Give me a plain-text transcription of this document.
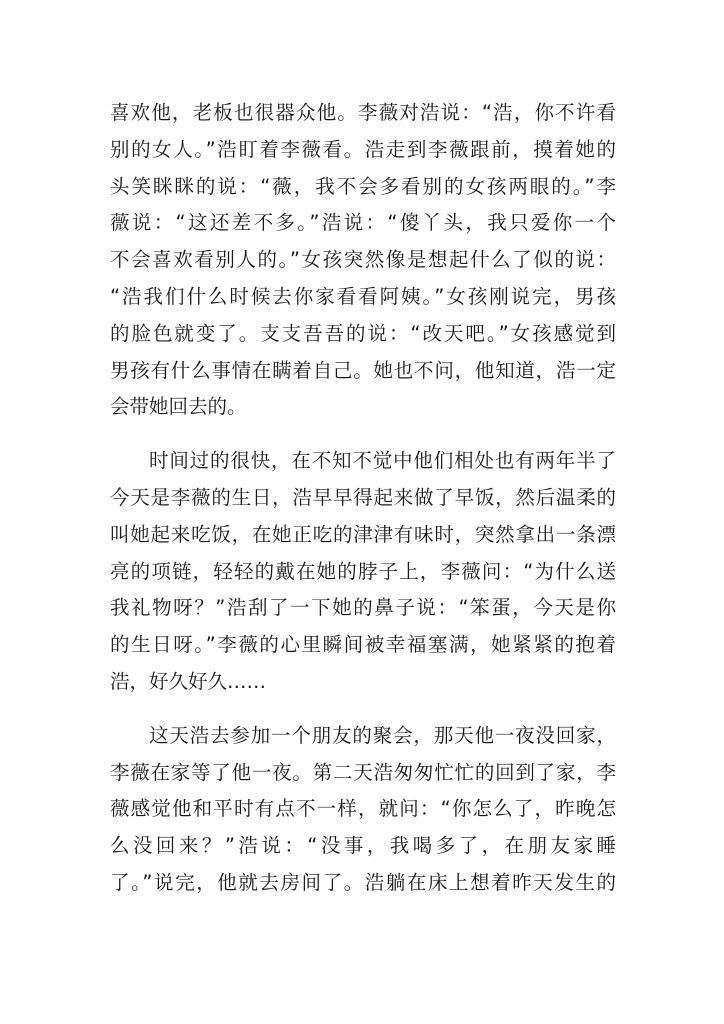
喜欢他，老板也很器众他。李薇对浩说：“浩，你不许看
别的女人。”浩盯着李薇看。浩走到李薇跟前，摸着她的
头笑眯眯的说：“薇，我不会多看别的女孩两眼的。”李
薇说：“这还差不多。”浩说：“傻丫头，我只爱你一个
不会喜欢看别人的。”女孩突然像是想起什么了似的说：
“浩我们什么时候去你家看看阿姨。”女孩刚说完，男孩
的脸色就变了。支支吾吾的说：“改天吧。”女孩感觉到
男孩有什么事情在瞒着自己。她也不问，他知道，浩一定
会带她回去的。
时间过的很快，在不知不觉中他们相处也有两年半了
今天是李薇的生日，浩早早得起来做了早饭，然后温柔的
叫她起来吃饭，在她正吃的津津有味时，突然拿出一条漂
亮的项链，轻轻的戴在她的脖子上，李薇问：“为什么送
我礼物呀？”浩刮了一下她的鼻子说：“笨蛋，今天是你
的生日呀。”李薇的心里瞬间被幸福塞满，她紧紧的抱着
浩，好久好久……
这天浩去参加一个朋友的聚会，那天他一夜没回家，
李薇在家等了他一夜。第二天浩匆匆忙忙的回到了家，李
薇感觉他和平时有点不一样，就问：“你怎么了，昨晚怎
么没回来？”浩说：“没事，我喝多了，在朋友家睡
了。”说完，他就去房间了。浩躺在床上想着昨天发生的
